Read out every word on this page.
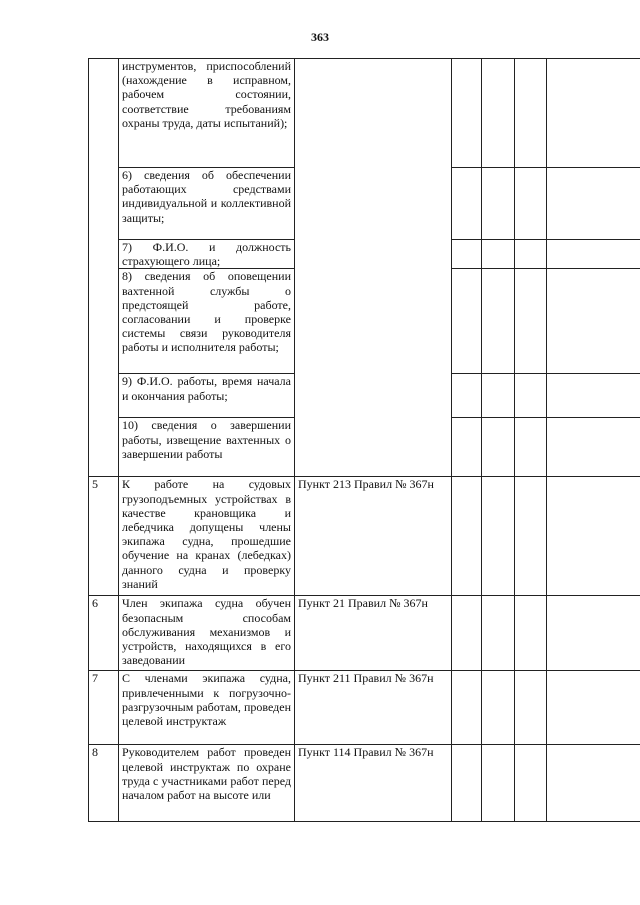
363
	инструментов, приспособлений (нахождение в исправном, рабочем состоянии, соответствие требованиям охраны труда, даты испытаний);					
	6) сведения об обеспечении работающих средствами индивидуальной и коллективной защиты;					
	7) Ф.И.О. и должность страхующего лица;					
	8) сведения об оповещении вахтенной службы о предстоящей работе, согласовании и проверке системы связи руководителя работы и исполнителя работы;					
	9) Ф.И.О. работы, время начала и окончания работы;					
	10) сведения о завершении работы, извещение вахтенных о завершении работы					
5	К работе на судовых грузоподъемных устройствах в качестве крановщика и лебедчика допущены члены экипажа судна, прошедшие обучение на кранах (лебедках) данного судна и проверку знаний	Пункт 213 Правил № 367н				
6	Член экипажа судна обучен безопасным способам обслуживания механизмов и устройств, находящихся в его заведовании	Пункт 21 Правил № 367н				
7	С членами экипажа судна, привлеченными к погрузочно-разгрузочным работам, проведен целевой инструктаж	Пункт 211 Правил № 367н				
8	Руководителем работ проведен целевой инструктаж по охране труда с участниками работ перед началом работ на высоте или	Пункт 114 Правил № 367н				
